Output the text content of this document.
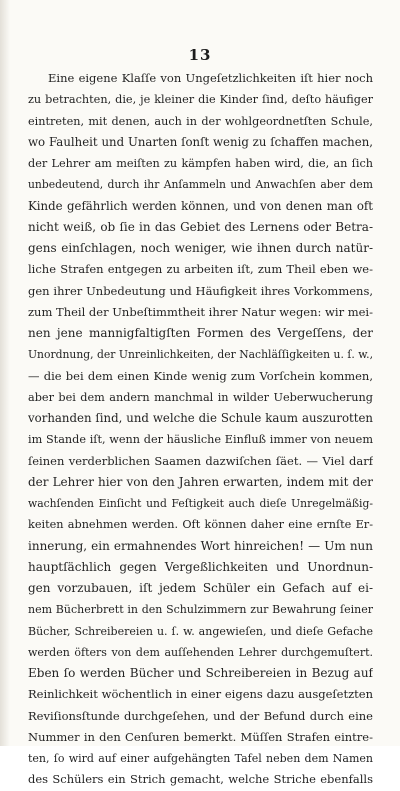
13
Eine eigene Klaſſe von Ungeſetzlichkeiten iſt hier noch
zu betrachten, die, je kleiner die Kinder ſind, deſto häufiger
eintreten, mit denen, auch in der wohlgeordnetſten Schule,
wo Faulheit und Unarten ſonſt wenig zu ſchaffen machen,
der Lehrer am meiſten zu kämpfen haben wird, die, an ſich
unbedeutend, durch ihr Anſammeln und Anwachſen aber dem
Kinde gefährlich werden können, und von denen man oft
nicht weiß, ob ſie in das Gebiet des Lernens oder Betra-
gens einſchlagen, noch weniger, wie ihnen durch natür-
liche Strafen entgegen zu arbeiten iſt, zum Theil eben we-
gen ihrer Unbedeutung und Häufigkeit ihres Vorkommens,
zum Theil der Unbeſtimmtheit ihrer Natur wegen: wir mei-
nen jene mannigfaltigſten Formen des Vergeſſens, der
Unordnung, der Unreinlichkeiten, der Nachläſſigkeiten u. ſ. w.,
— die bei dem einen Kinde wenig zum Vorſchein kommen,
aber bei dem andern manchmal in wilder Ueberwucherung
vorhanden ſind, und welche die Schule kaum auszurotten
im Stande iſt, wenn der häusliche Einfluß immer von neuem
ſeinen verderblichen Saamen dazwiſchen ſäet. — Viel darf
der Lehrer hier von den Jahren erwarten, indem mit der
wachſenden Einſicht und Feſtigkeit auch dieſe Unregelmäßig-
keiten abnehmen werden. Oft können daher eine ernſte Er-
innerung, ein ermahnendes Wort hinreichen! — Um nun
hauptſächlich gegen Vergeßlichkeiten und Unordnun-
gen vorzubauen, iſt jedem Schüler ein Gefach auf ei-
nem Bücherbrett in den Schulzimmern zur Bewahrung ſeiner
Bücher, Schreibereien u. ſ. w. angewieſen, und dieſe Gefache
werden öfters von dem auſſehenden Lehrer durchgemuſtert.
Eben ſo werden Bücher und Schreibereien in Bezug auf
Reinlichkeit wöchentlich in einer eigens dazu ausgeſetzten
Reviſionsſtunde durchgeſehen, und der Befund durch eine
Nummer in den Cenſuren bemerkt. Müſſen Strafen eintre-
ten, ſo wird auf einer aufgehängten Tafel neben dem Namen
des Schülers ein Strich gemacht, welche Striche ebenfalls
